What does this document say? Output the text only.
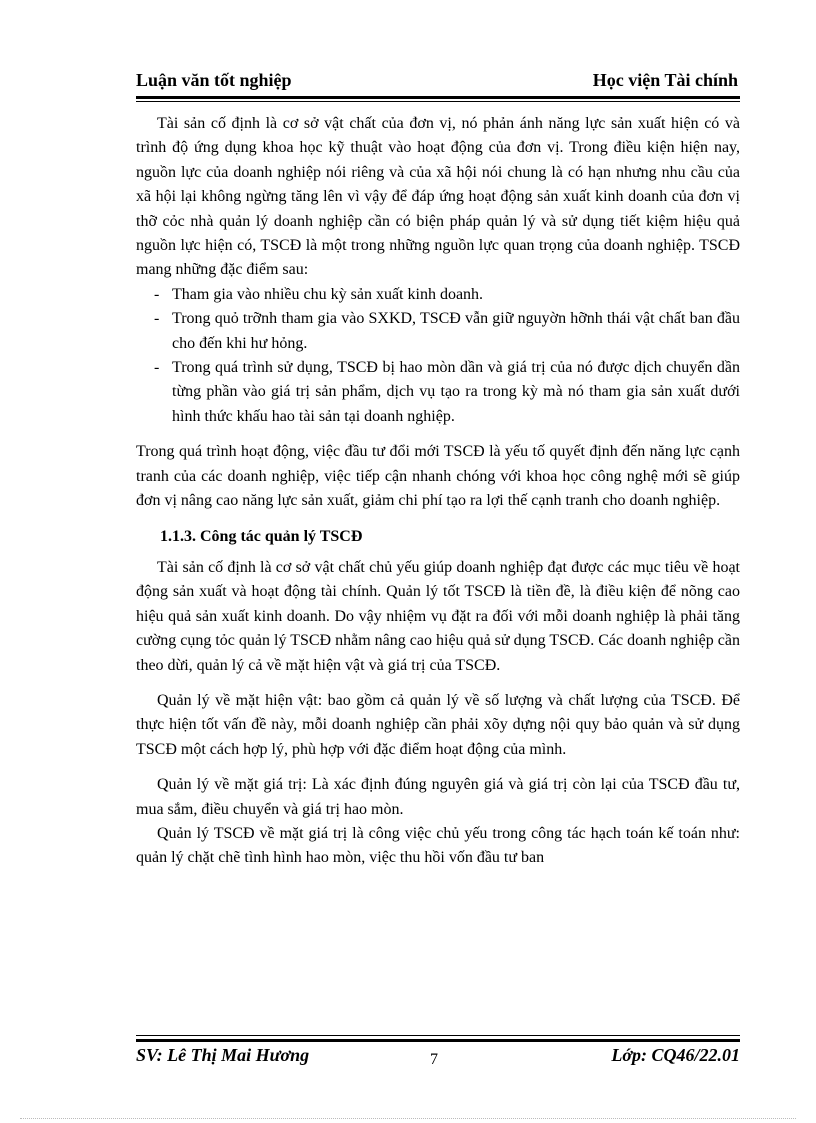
Luận văn tốt nghiệp	Học viện Tài chính

Tài sản cố định là cơ sở vật chất của đơn vị, nó phản ánh năng lực sản xuất hiện có và trình độ ứng dụng khoa học kỹ thuật vào hoạt động của đơn vị. Trong điều kiện hiện nay, nguồn lực của doanh nghiệp nói riêng và của xã hội nói chung là có hạn nhưng nhu cầu của xã hội lại không ngừng tăng lên vì vậy để đáp ứng hoạt động sản xuất kinh doanh của đơn vị thỡ cỏc nhà quản lý doanh nghiệp cần có biện pháp quản lý và sử dụng tiết kiệm hiệu quả nguồn lực hiện có, TSCĐ là một trong những nguồn lực quan trọng của doanh nghiệp. TSCĐ mang những đặc điểm sau:

- Tham gia vào nhiều chu kỳ sản xuất kinh doanh.
- Trong quỏ trỡnh tham gia vào SXKD, TSCĐ vẫn giữ nguyờn hỡnh thái vật chất ban đầu cho đến khi hư hỏng.
- Trong quá trình sử dụng, TSCĐ bị hao mòn dần và giá trị của nó được dịch chuyển dần từng phần vào giá trị sản phẩm, dịch vụ tạo ra trong kỳ mà nó tham gia sản xuất dưới hình thức khấu hao tài sản tại doanh nghiệp.

Trong quá trình hoạt động, việc đầu tư đổi mới TSCĐ là yếu tố quyết định đến năng lực cạnh tranh của các doanh nghiệp, việc tiếp cận nhanh chóng với khoa học công nghệ mới sẽ giúp đơn vị nâng cao năng lực sản xuất, giảm chi phí tạo ra lợi thế cạnh tranh cho doanh nghiệp.

1.1.3. Công tác quản lý TSCĐ

Tài sản cố định là cơ sở vật chất chủ yếu giúp doanh nghiệp đạt được các mục tiêu về hoạt động sản xuất và hoạt động tài chính. Quản lý tốt TSCĐ là tiền đề, là điều kiện để nõng cao hiệu quả sản xuất kinh doanh. Do vậy nhiệm vụ đặt ra đối với mỗi doanh nghiệp là phải tăng cường cụng tỏc quản lý TSCĐ nhằm nâng cao hiệu quả sử dụng TSCĐ. Các doanh nghiệp cần theo dừi, quản lý cả về mặt hiện vật và giá trị của TSCĐ.

Quản lý về mặt hiện vật: bao gồm cả quản lý về số lượng và chất lượng của TSCĐ. Để thực hiện tốt vấn đề này, mỗi doanh nghiệp cần phải xõy dựng nội quy bảo quản và sử dụng TSCĐ một cách hợp lý, phù hợp với đặc điểm hoạt động của mình.

Quản lý về mặt giá trị: Là xác định đúng nguyên giá và giá trị còn lại của TSCĐ đầu tư, mua sắm, điều chuyển và giá trị hao mòn.

Quản lý TSCĐ về mặt giá trị là công việc chủ yếu trong công tác hạch toán kế toán như: quản lý chặt chẽ tình hình hao mòn, việc thu hồi vốn đầu tư ban

SV: Lê Thị Mai Hương	7	Lớp: CQ46/22.01
